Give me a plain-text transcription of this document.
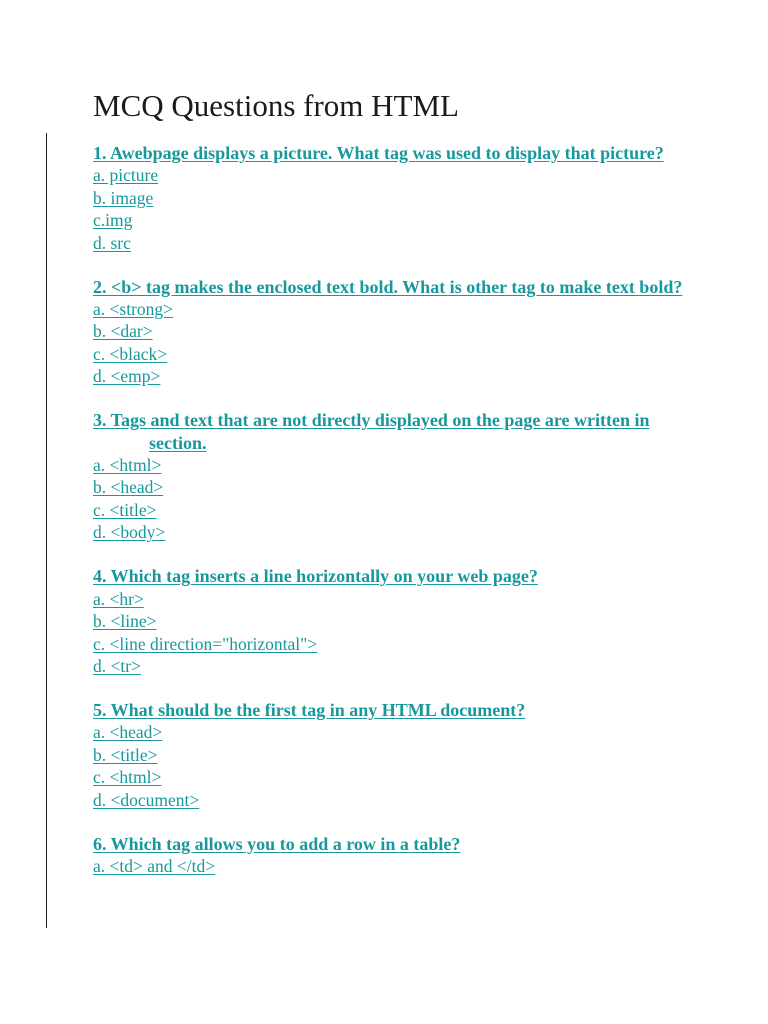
MCQ Questions from HTML
1. Awebpage displays a picture. What tag was used to display that picture?
a. picture
b. image
c.img
d. src
2. <b> tag makes the enclosed text bold. What is other tag to make text bold?
a. <strong>
b. <dar>
c. <black>
d. <emp>
3. Tags and text that are not directly displayed on the page are written insection.
a. <html>
b. <head>
c. <title>
d. <body>
4. Which tag inserts a line horizontally on your web page?
a. <hr>
b. <line>
c. <line direction="horizontal">
d. <tr>
5. What should be the first tag in any HTML document?
a. <head>
b. <title>
c. <html>
d. <document>
6. Which tag allows you to add a row in a table?
a. <td> and </td>
